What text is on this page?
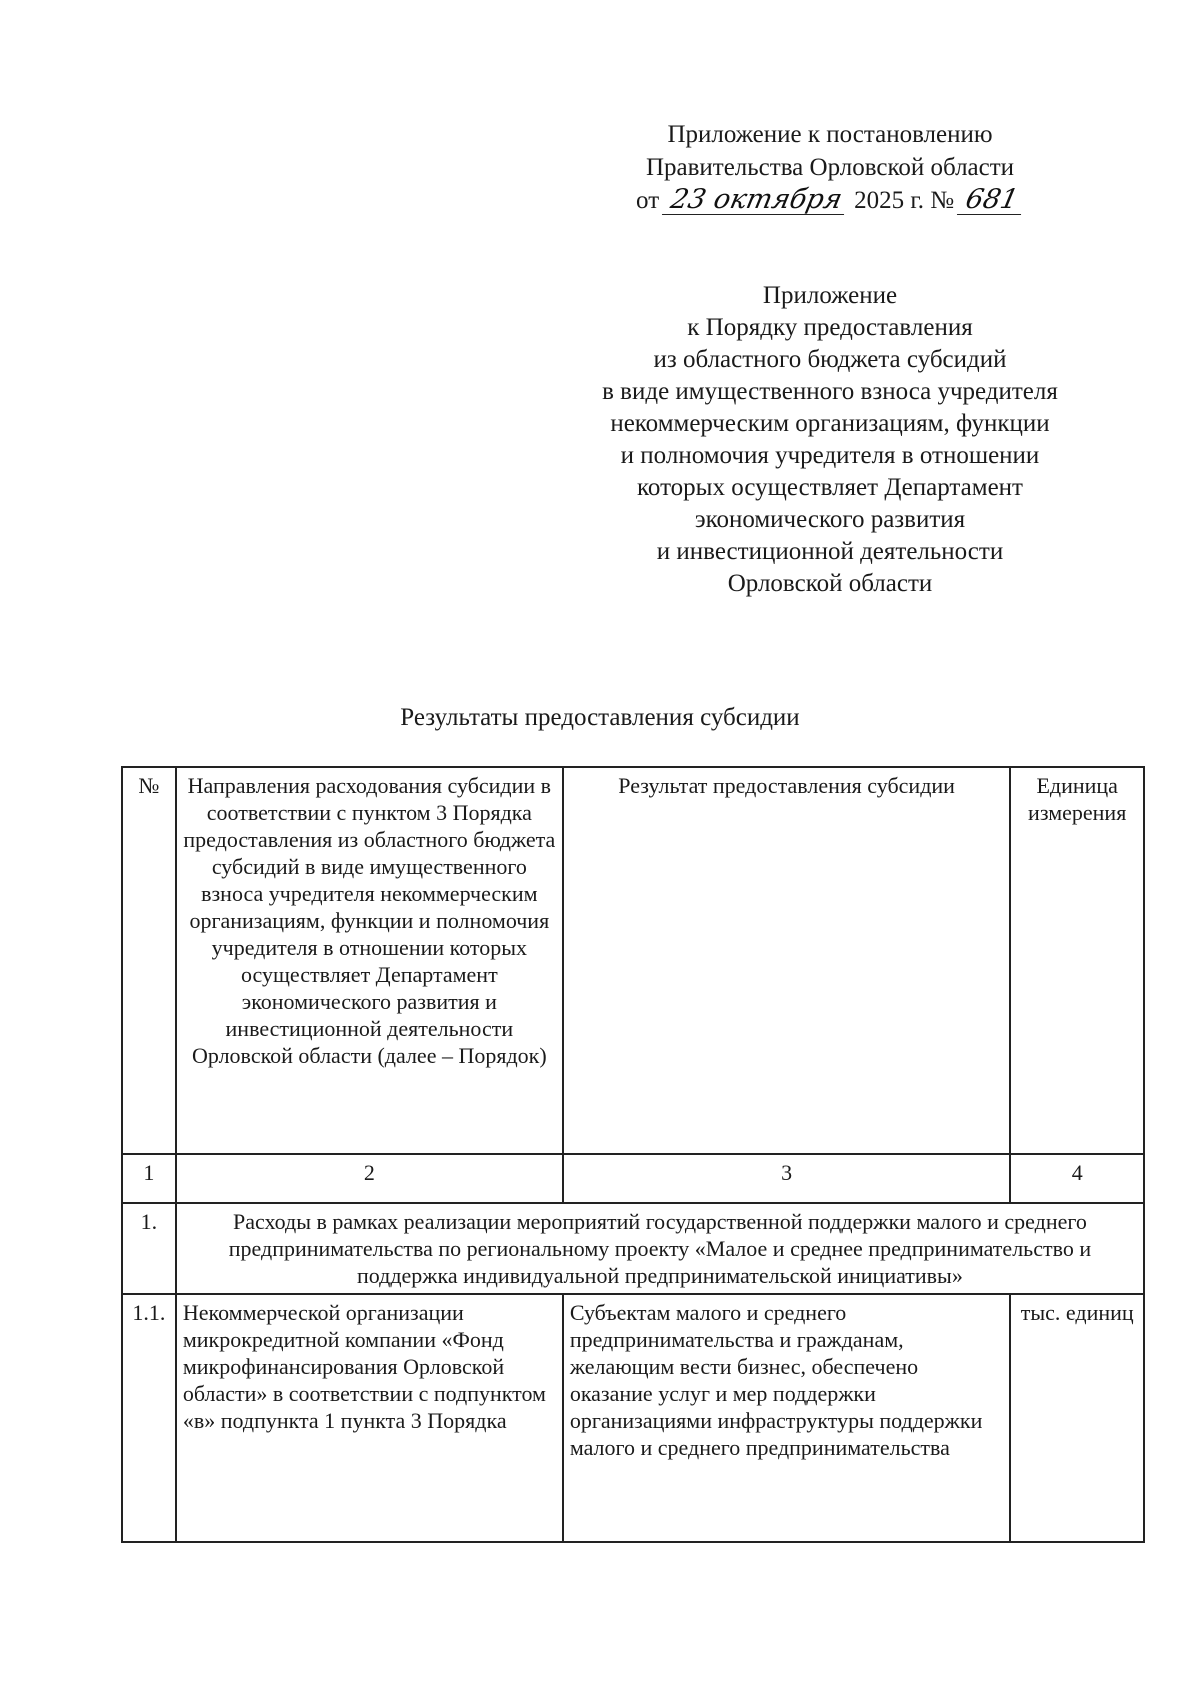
Приложение к постановлению
Правительства Орловской области
от 23 октября 2025 г. № 681
Приложение
к Порядку предоставления
из областного бюджета субсидий
в виде имущественного взноса учредителя
некоммерческим организациям, функции
и полномочия учредителя в отношении
которых осуществляет Департамент
экономического развития
и инвестиционной деятельности
Орловской области
Результаты предоставления субсидии
№	Направления расходования субсидии в соответствии с пунктом 3 Порядка предоставления из областного бюджета субсидий в виде имущественного взноса учредителя некоммерческим организациям, функции и полномочия учредителя в отношении которых осуществляет Департамент экономического развития и инвестиционной деятельности Орловской области (далее – Порядок)	Результат предоставления субсидии	Единица измерения
1	2	3	4
1.	Расходы в рамках реализации мероприятий государственной поддержки малого и среднего предпринимательства по региональному проекту «Малое и среднее предпринимательство и поддержка индивидуальной предпринимательской инициативы»		
1.1.	Некоммерческой организации микрокредитной компании «Фонд микрофинансирования Орловской области» в соответствии с подпунктом «в» подпункта 1 пункта 3 Порядка	Субъектам малого и среднего предпринимательства и гражданам, желающим вести бизнес, обеспечено оказание услуг и мер поддержки организациями инфраструктуры поддержки малого и среднего предпринимательства	тыс. единиц
